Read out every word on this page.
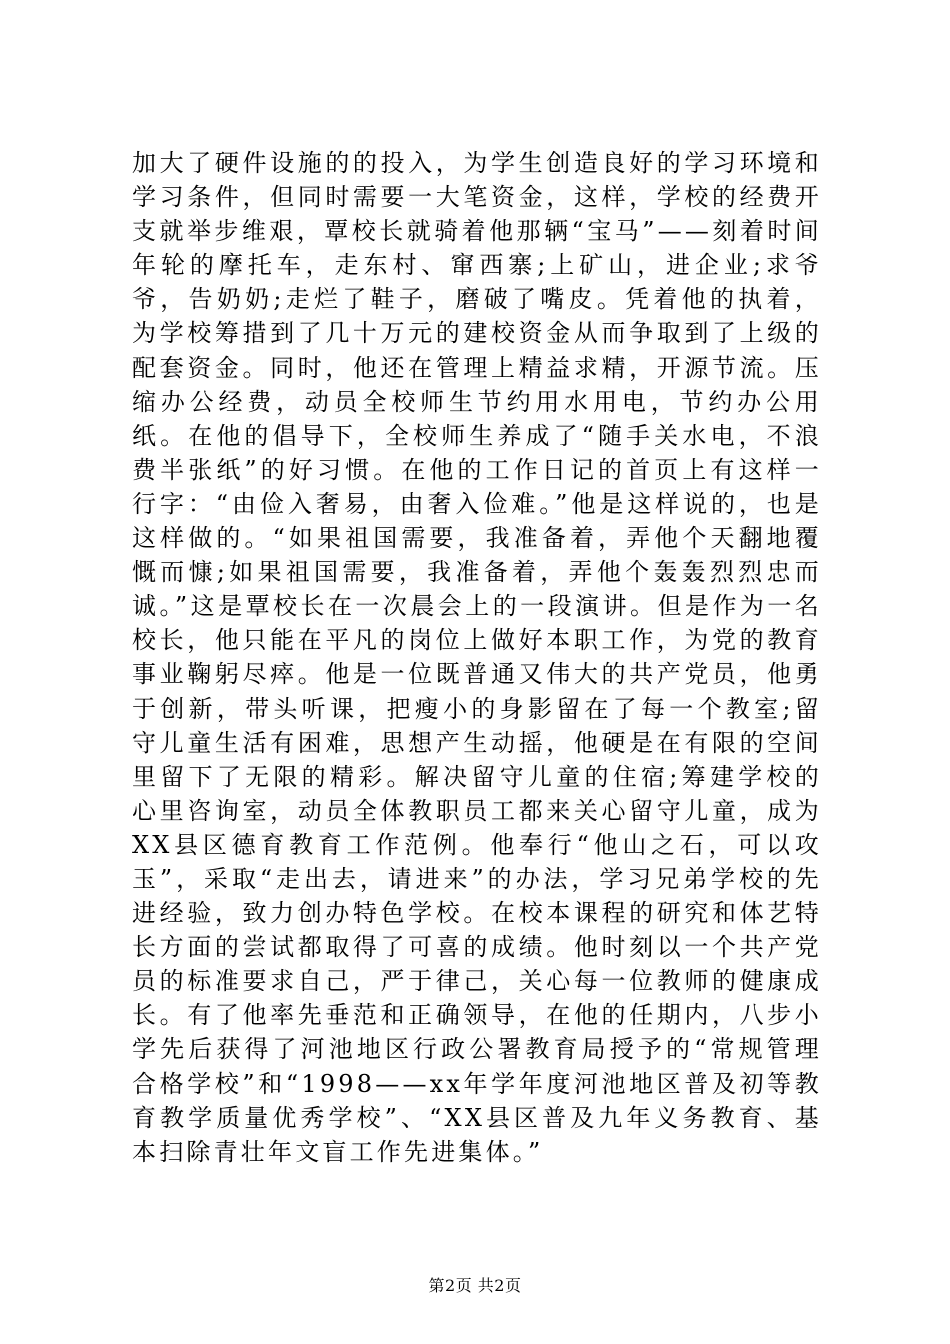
加大了硬件设施的的投入，为学生创造良好的学习环境和学习条件，但同时需要一大笔资金，这样，学校的经费开支就举步维艰，覃校长就骑着他那辆“宝马”——刻着时间年轮的摩托车，走东村、窜西寨;上矿山，进企业;求爷爷，告奶奶;走烂了鞋子，磨破了嘴皮。凭着他的执着，为学校筹措到了几十万元的建校资金从而争取到了上级的配套资金。同时，他还在管理上精益求精，开源节流。压缩办公经费，动员全校师生节约用水用电，节约办公用纸。在他的倡导下，全校师生养成了“随手关水电，不浪费半张纸”的好习惯。在他的工作日记的首页上有这样一行字：“由俭入奢易，由奢入俭难。”他是这样说的，也是这样做的。“如果祖国需要，我准备着，弄他个天翻地覆慨而慷;如果祖国需要，我准备着，弄他个轰轰烈烈忠而诚。”这是覃校长在一次晨会上的一段演讲。但是作为一名校长，他只能在平凡的岗位上做好本职工作，为党的教育事业鞠躬尽瘁。他是一位既普通又伟大的共产党员，他勇于创新，带头听课，把瘦小的身影留在了每一个教室;留守儿童生活有困难，思想产生动摇，他硬是在有限的空间里留下了无限的精彩。解决留守儿童的住宿;筹建学校的心里咨询室，动员全体教职员工都来关心留守儿童，成为XX县区德育教育工作范例。他奉行“他山之石，可以攻玉”，采取“走出去，请进来”的办法，学习兄弟学校的先进经验，致力创办特色学校。在校本课程的研究和体艺特长方面的尝试都取得了可喜的成绩。他时刻以一个共产党员的标准要求自己，严于律己，关心每一位教师的健康成长。有了他率先垂范和正确领导，在他的任期内，八步小学先后获得了河池地区行政公署教育局授予的“常规管理合格学校”和“1998——xx年学年度河池地区普及初等教育教学质量优秀学校”、“XX县区普及九年义务教育、基本扫除青壮年文盲工作先进集体。”

第2页 共2页
